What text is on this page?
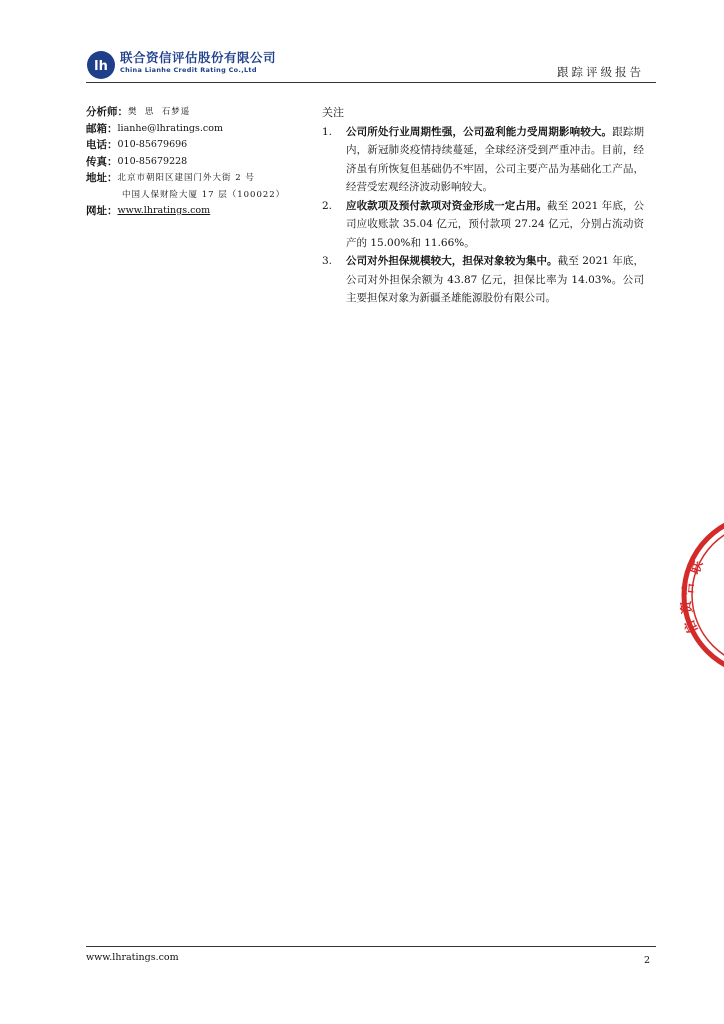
lh
联合资信评估股份有限公司
China Lianhe Credit Rating Co.,Ltd	跟踪评级报告
分析师： 樊  思  石梦遥
邮箱： lianhe@lhratings.com
电话： 010-85679696
传真： 010-85679228
地址： 北京市朝阳区建国门外大街 2 号
中国人保财险大厦 17 层（100022）
网址： www.lhratings.com
关注
1.	公司所处行业周期性强，公司盈利能力受周期影响较大。跟踪期内，新冠肺炎疫情持续蔓延，全球经济受到严重冲击。目前，经济虽有所恢复但基础仍不牢固，公司主要产品为基础化工产品，经营受宏观经济波动影响较大。
2.	应收款项及预付款项对资金形成一定占用。截至 2021 年底，公司应收账款 35.04 亿元，预付款项 27.24 亿元，分别占流动资产的 15.00%和 11.66%。
3.	公司对外担保规模较大，担保对象较为集中。截至 2021 年底，公司对外担保余额为 43.87 亿元，担保比率为 14.03%。公司主要担保对象为新疆圣雄能源股份有限公司。
联
合
资
信
www.lhratings.com	2
